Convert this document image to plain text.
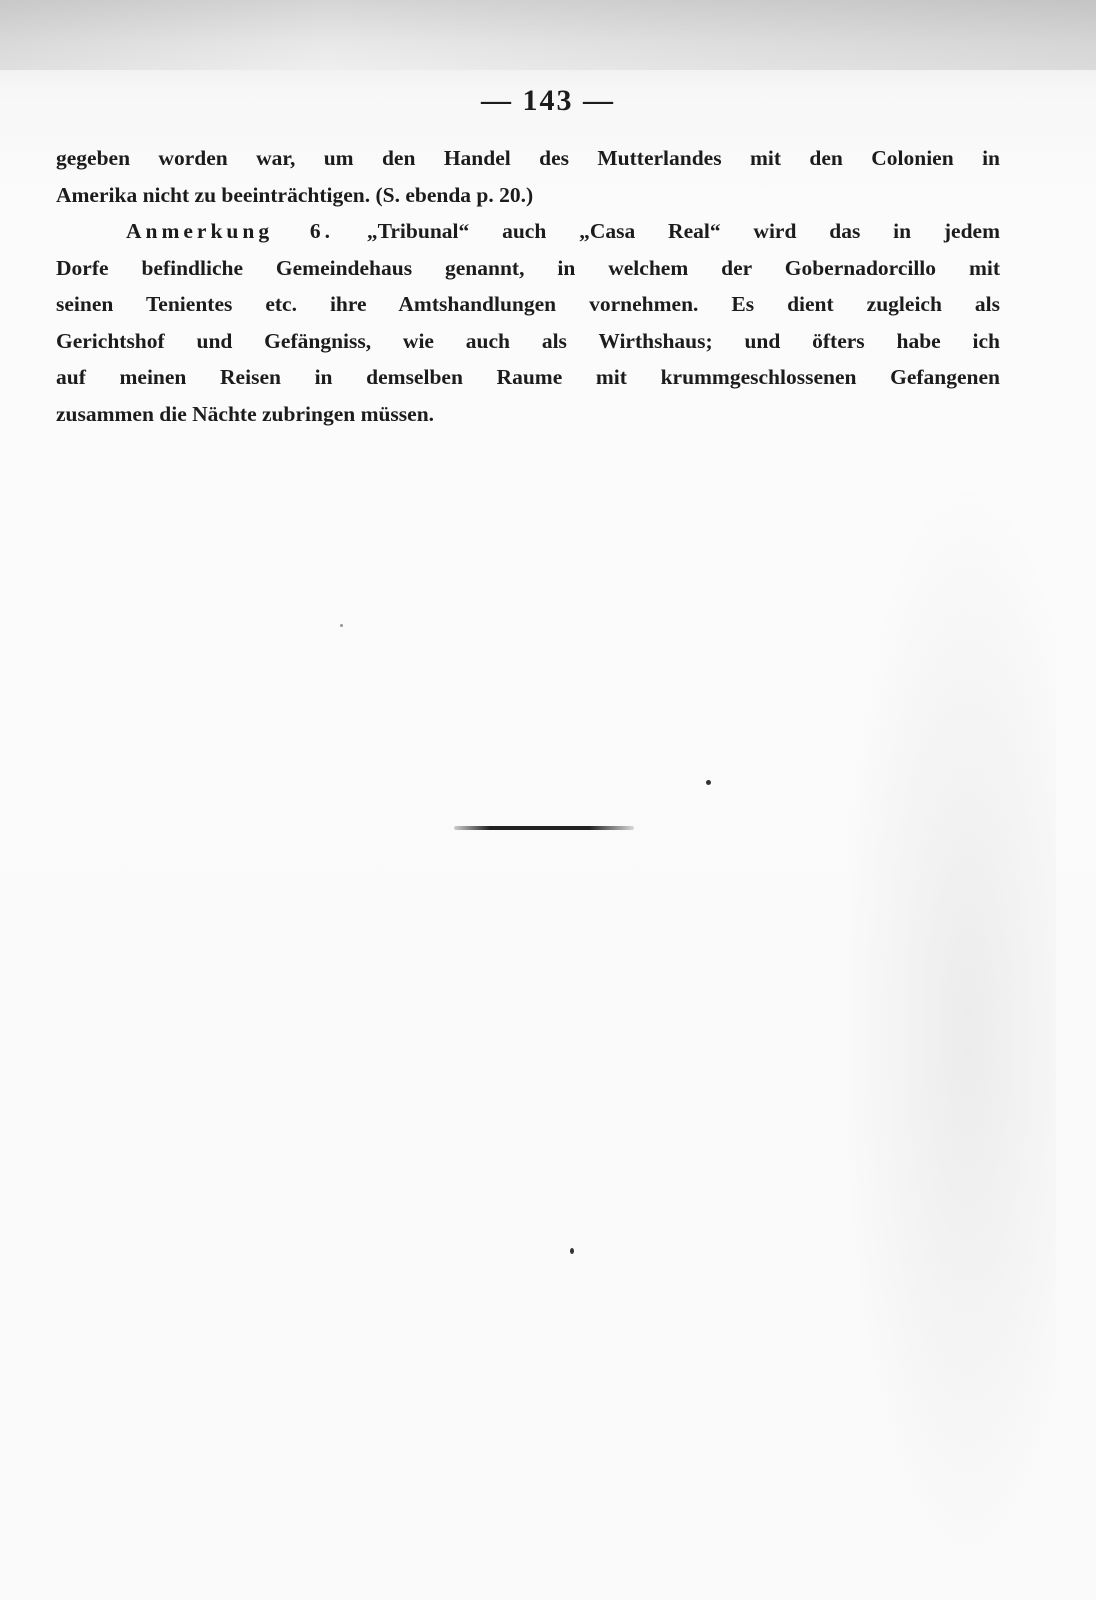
— 143 —
gegeben worden war, um den Handel des Mutterlandes mit den Colonien in
Amerika nicht zu beeinträchtigen. (S. ebenda p. 20.)
Anmerkung 6. „Tribunal“ auch „Casa Real“ wird das in jedem
Dorfe befindliche Gemeindehaus genannt, in welchem der Gobernadorcillo mit
seinen Tenientes etc. ihre Amtshandlungen vornehmen. Es dient zugleich als
Gerichtshof und Gefängniss, wie auch als Wirthshaus; und öfters habe ich
auf meinen Reisen in demselben Raume mit krummgeschlossenen Gefangenen
zusammen die Nächte zubringen müssen.
